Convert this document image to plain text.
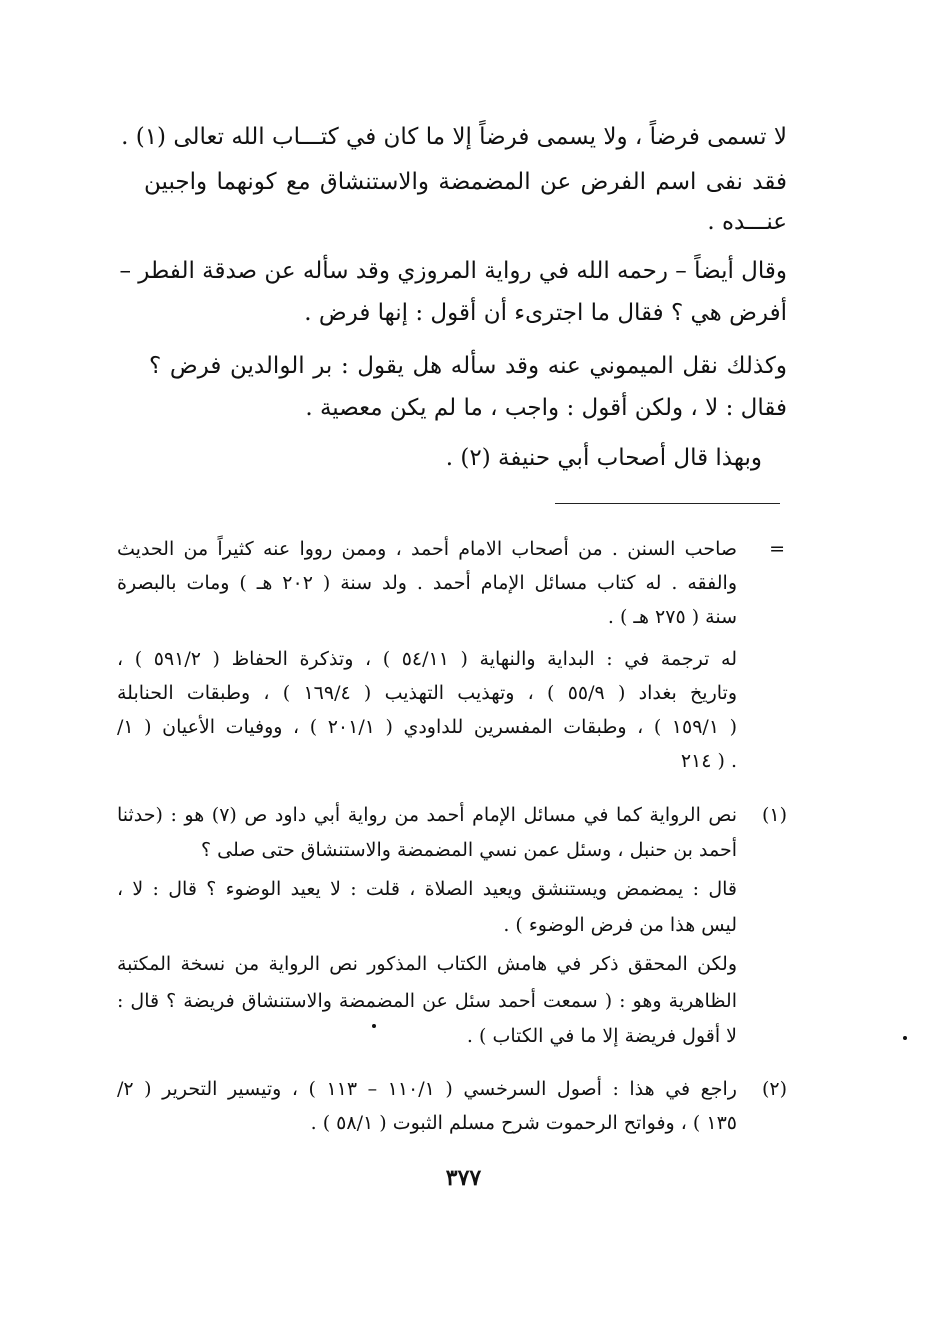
لا تسمى فرضاً ، ولا يسمى فرضاً إلا ما كان في كتـــاب الله تعالى (١) .
فقد نفى اسم الفرض عن المضمضة والاستنشاق مع كونهما واجبين
عنـــده .
وقال أيضاً – رحمه الله في رواية المروزي وقد سأله عن صدقة الفطر –
أفرض هي ؟ فقال ما اجترىء أن أقول : إنها فرض .
وكذلك نقل الميموني عنه وقد سأله هل يقول : بر الوالدين فرض ؟
فقال : لا ، ولكن أقول : واجب ، ما لم يكن معصية .
وبهذا قال أصحاب أبي حنيفة (٢) .
=
صاحب السنن . من أصحاب الامام أحمد ، وممن رووا عنه كثيراً من الحديث
والفقه . له كتاب مسائل الإمام أحمد . ولد سنة ( ٢٠٢ هـ ) ومات بالبصرة
سنة ( ٢٧٥ هـ ) .
له ترجمة في : البداية والنهاية ( ٥٤/١١ ) ، وتذكرة الحفاظ ( ٥٩١/٢ ) ،
وتاريخ بغداد ( ٥٥/٩ ) ، وتهذيب التهذيب ( ١٦٩/٤ ) ، وطبقات الحنابلة
( ١٥٩/١ ) ، وطبقات المفسرين للداودي ( ٢٠١/١ ) ، ووفيات الأعيان ( ١/
٢١٤ ) .
(١)
نص الرواية كما في مسائل الإمام أحمد من رواية أبي داود ص (٧) هو : (حدثنا
أحمد بن حنبل ، وسئل عمن نسي المضمضة والاستنشاق حتى صلى ؟
قال : يمضمض ويستنشق ويعيد الصلاة ، قلت : لا يعيد الوضوء ؟ قال : لا ،
ليس هذا من فرض الوضوء ) .
ولكن المحقق ذكر في هامش الكتاب المذكور نص الرواية من نسخة المكتبة
الظاهرية وهو : ( سمعت أحمد سئل عن المضمضة والاستنشاق فريضة ؟ قال :
لا أقول فريضة إلا ما في الكتاب ) .
(٢)
راجع في هذا : أصول السرخسي ( ١١٠/١ – ١١٣ ) ، وتيسير التحرير ( ٢/
١٣٥ ) ، وفواتح الرحموت شرح مسلم الثبوت ( ٥٨/١ ) .
٣٧٧
